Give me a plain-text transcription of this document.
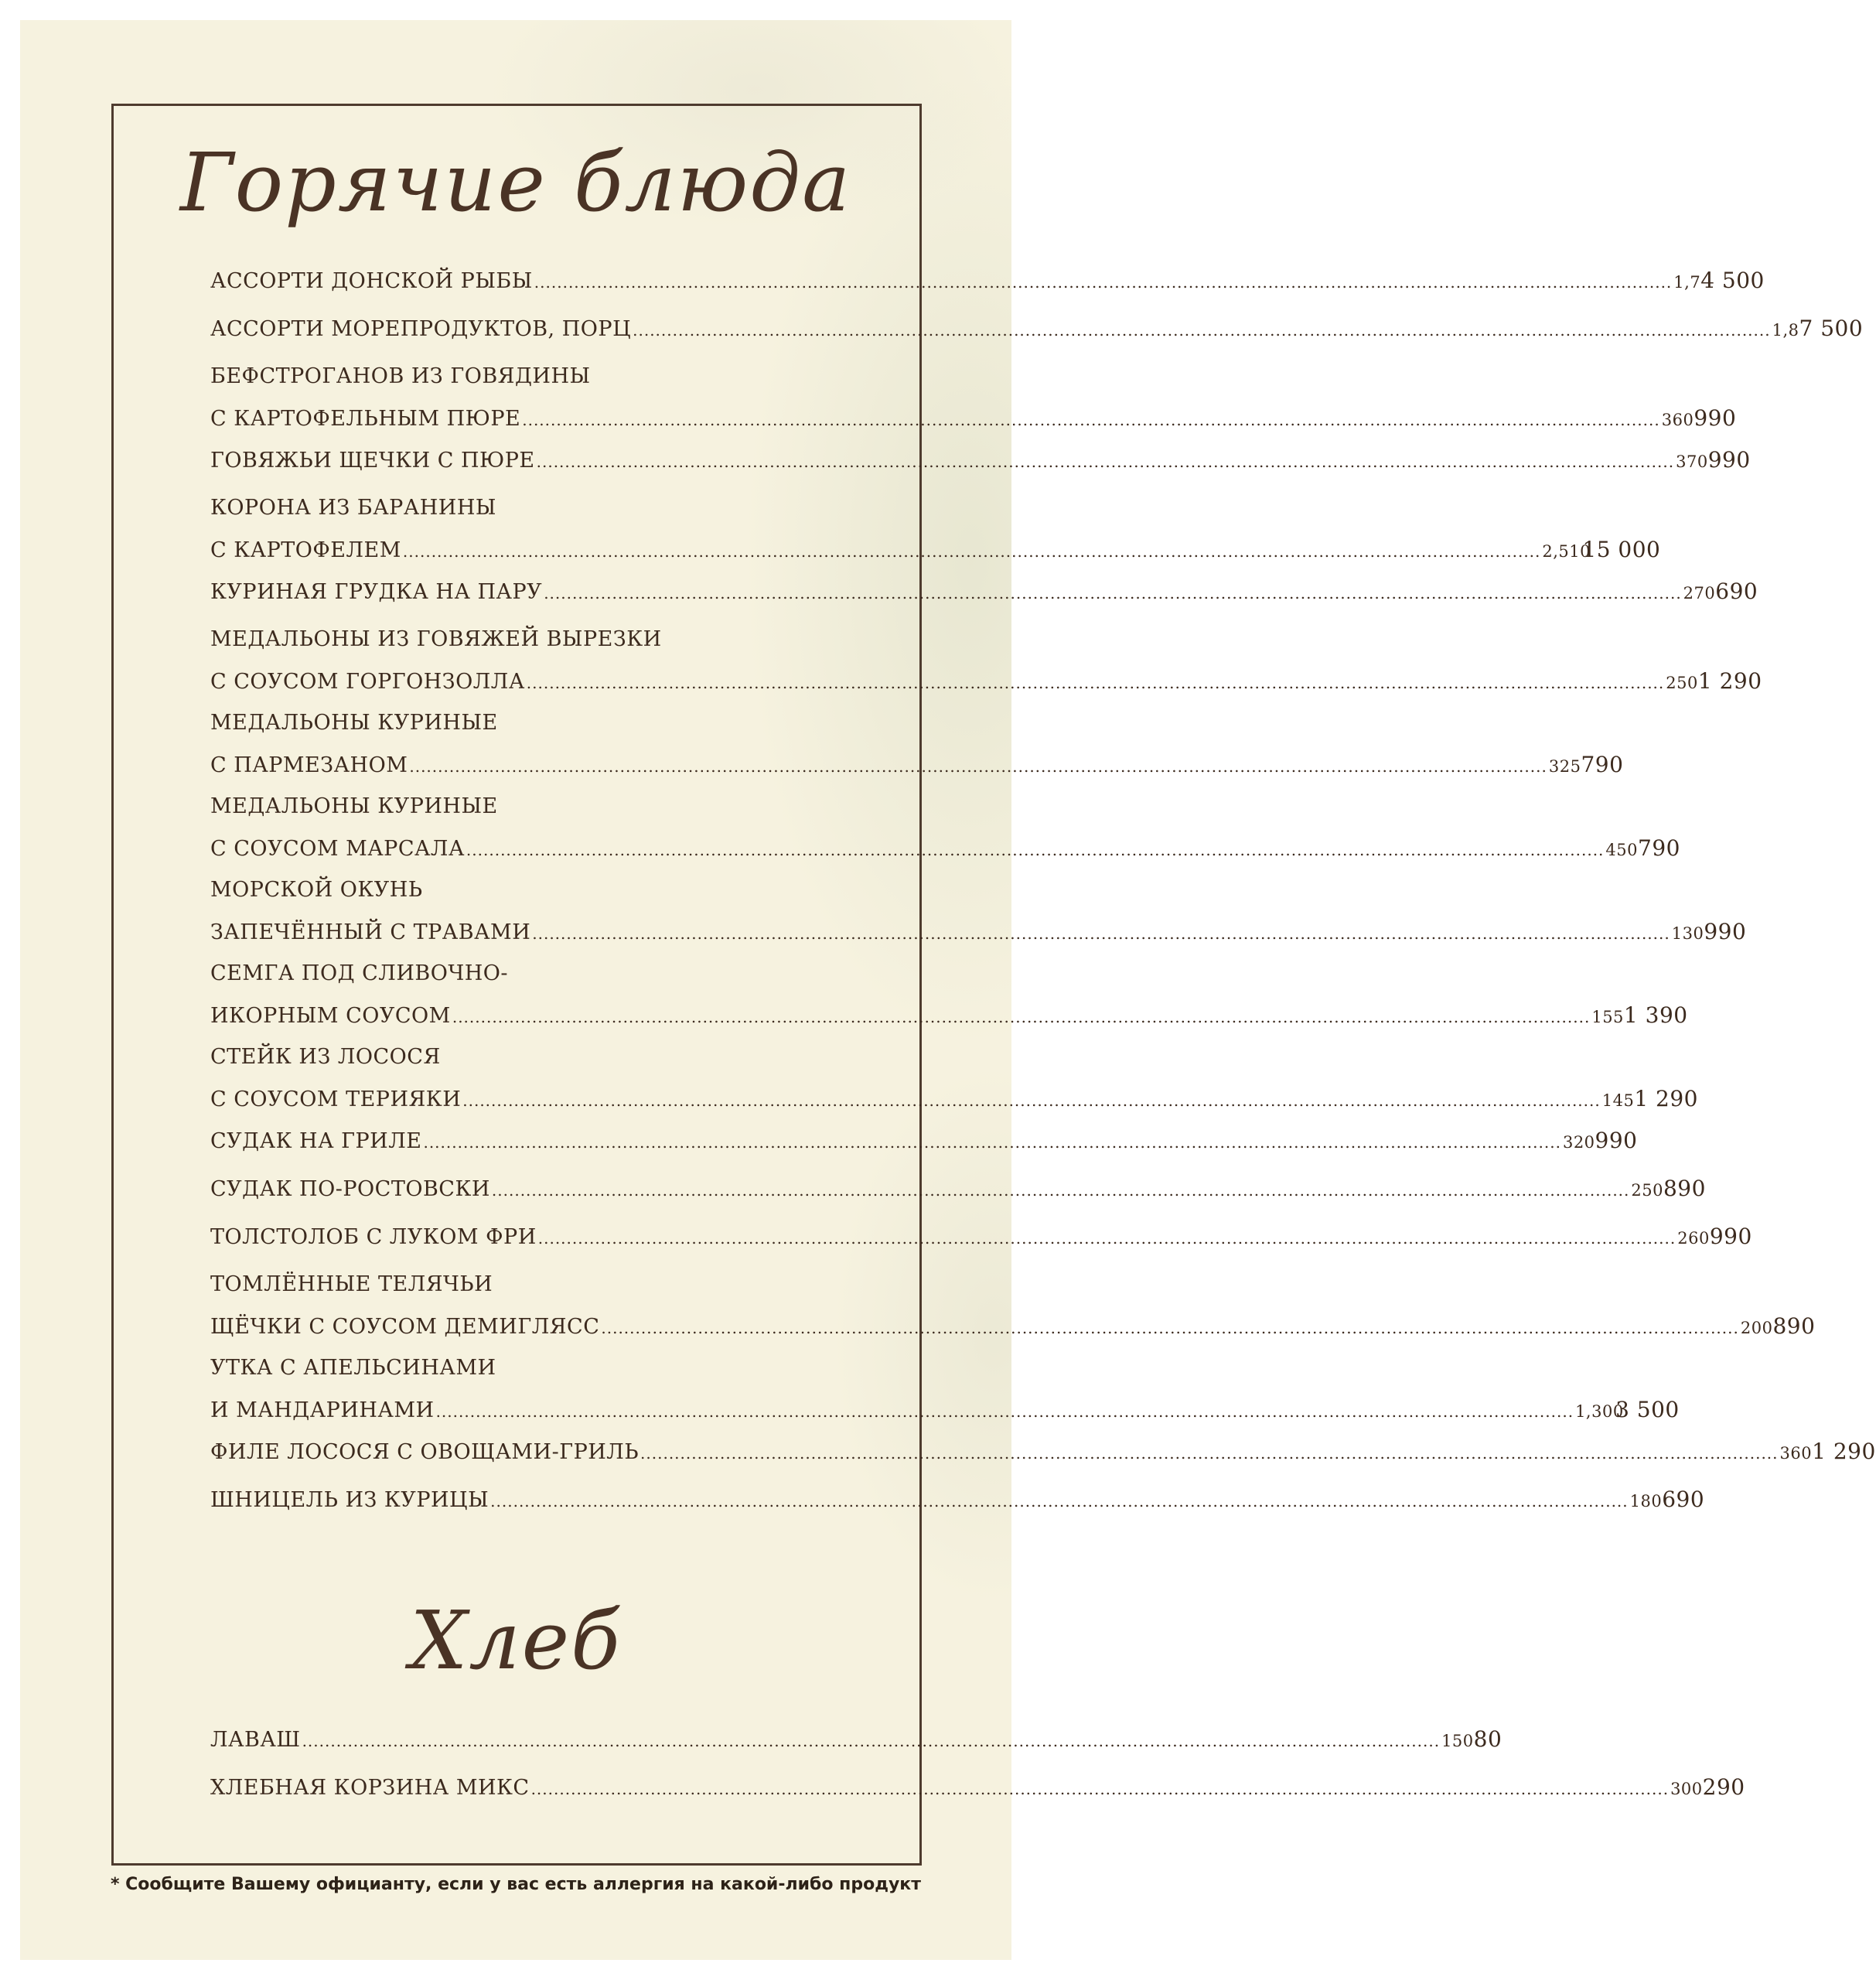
Горячие блюда
АССОРТИ ДОНСКОЙ РЫБЫ ........................................................................................................................................................................................................ 1,7 4 500
АССОРТИ МОРЕПРОДУКТОВ, ПОРЦ ........................................................................................................................................................................................................ 1,8 7 500
БЕФСТРОГАНОВ ИЗ ГОВЯДИНЫ
С КАРТОФЕЛЬНЫМ ПЮРЕ ........................................................................................................................................................................................................ 360 990
ГОВЯЖЬИ ЩЕЧКИ С ПЮРЕ ........................................................................................................................................................................................................ 370 990
КОРОНА ИЗ БАРАНИНЫ
С КАРТОФЕЛЕМ ........................................................................................................................................................................................................ 2,510
15 000
КУРИНАЯ ГРУДКА НА ПАРУ ........................................................................................................................................................................................................ 270 690
МЕДАЛЬОНЫ ИЗ ГОВЯЖЕЙ ВЫРЕЗКИ
С СОУСОМ ГОРГОНЗОЛЛА ........................................................................................................................................................................................................ 250 1 290
МЕДАЛЬОНЫ КУРИНЫЕ
С ПАРМЕЗАНОМ ........................................................................................................................................................................................................ 325 790
МЕДАЛЬОНЫ КУРИНЫЕ
С СОУСОМ МАРСАЛА ........................................................................................................................................................................................................ 450 790
МОРСКОЙ ОКУНЬ
ЗАПЕЧЁННЫЙ С ТРАВАМИ ........................................................................................................................................................................................................ 130 990
СЕМГА ПОД СЛИВОЧНО-
ИКОРНЫМ СОУСОМ ........................................................................................................................................................................................................ 155 1 390
СТЕЙК ИЗ ЛОСОСЯ
С СОУСОМ ТЕРИЯКИ ........................................................................................................................................................................................................ 145 1 290
СУДАК НА ГРИЛЕ ........................................................................................................................................................................................................ 320 990
СУДАК ПО-РОСТОВСКИ ........................................................................................................................................................................................................ 250 890
ТОЛСТОЛОБ С ЛУКОМ ФРИ ........................................................................................................................................................................................................ 260 990
ТОМЛЁННЫЕ ТЕЛЯЧЬИ
ЩЁЧКИ С СОУСОМ ДЕМИГЛЯСС ........................................................................................................................................................................................................ 200 890
УТКА С АПЕЛЬСИНАМИ
И МАНДАРИНАМИ ........................................................................................................................................................................................................ 1,300
3 500
ФИЛЕ ЛОСОСЯ С ОВОЩАМИ-ГРИЛЬ ........................................................................................................................................................................................................ 360 1 290
ШНИЦЕЛЬ ИЗ КУРИЦЫ ........................................................................................................................................................................................................ 180 690
Хлеб
ЛАВАШ ........................................................................................................................................................................................................ 150 80
ХЛЕБНАЯ КОРЗИНА МИКС ........................................................................................................................................................................................................ 300 290
* Сообщите Вашему официанту, если у вас есть аллергия на какой-либо продукт
